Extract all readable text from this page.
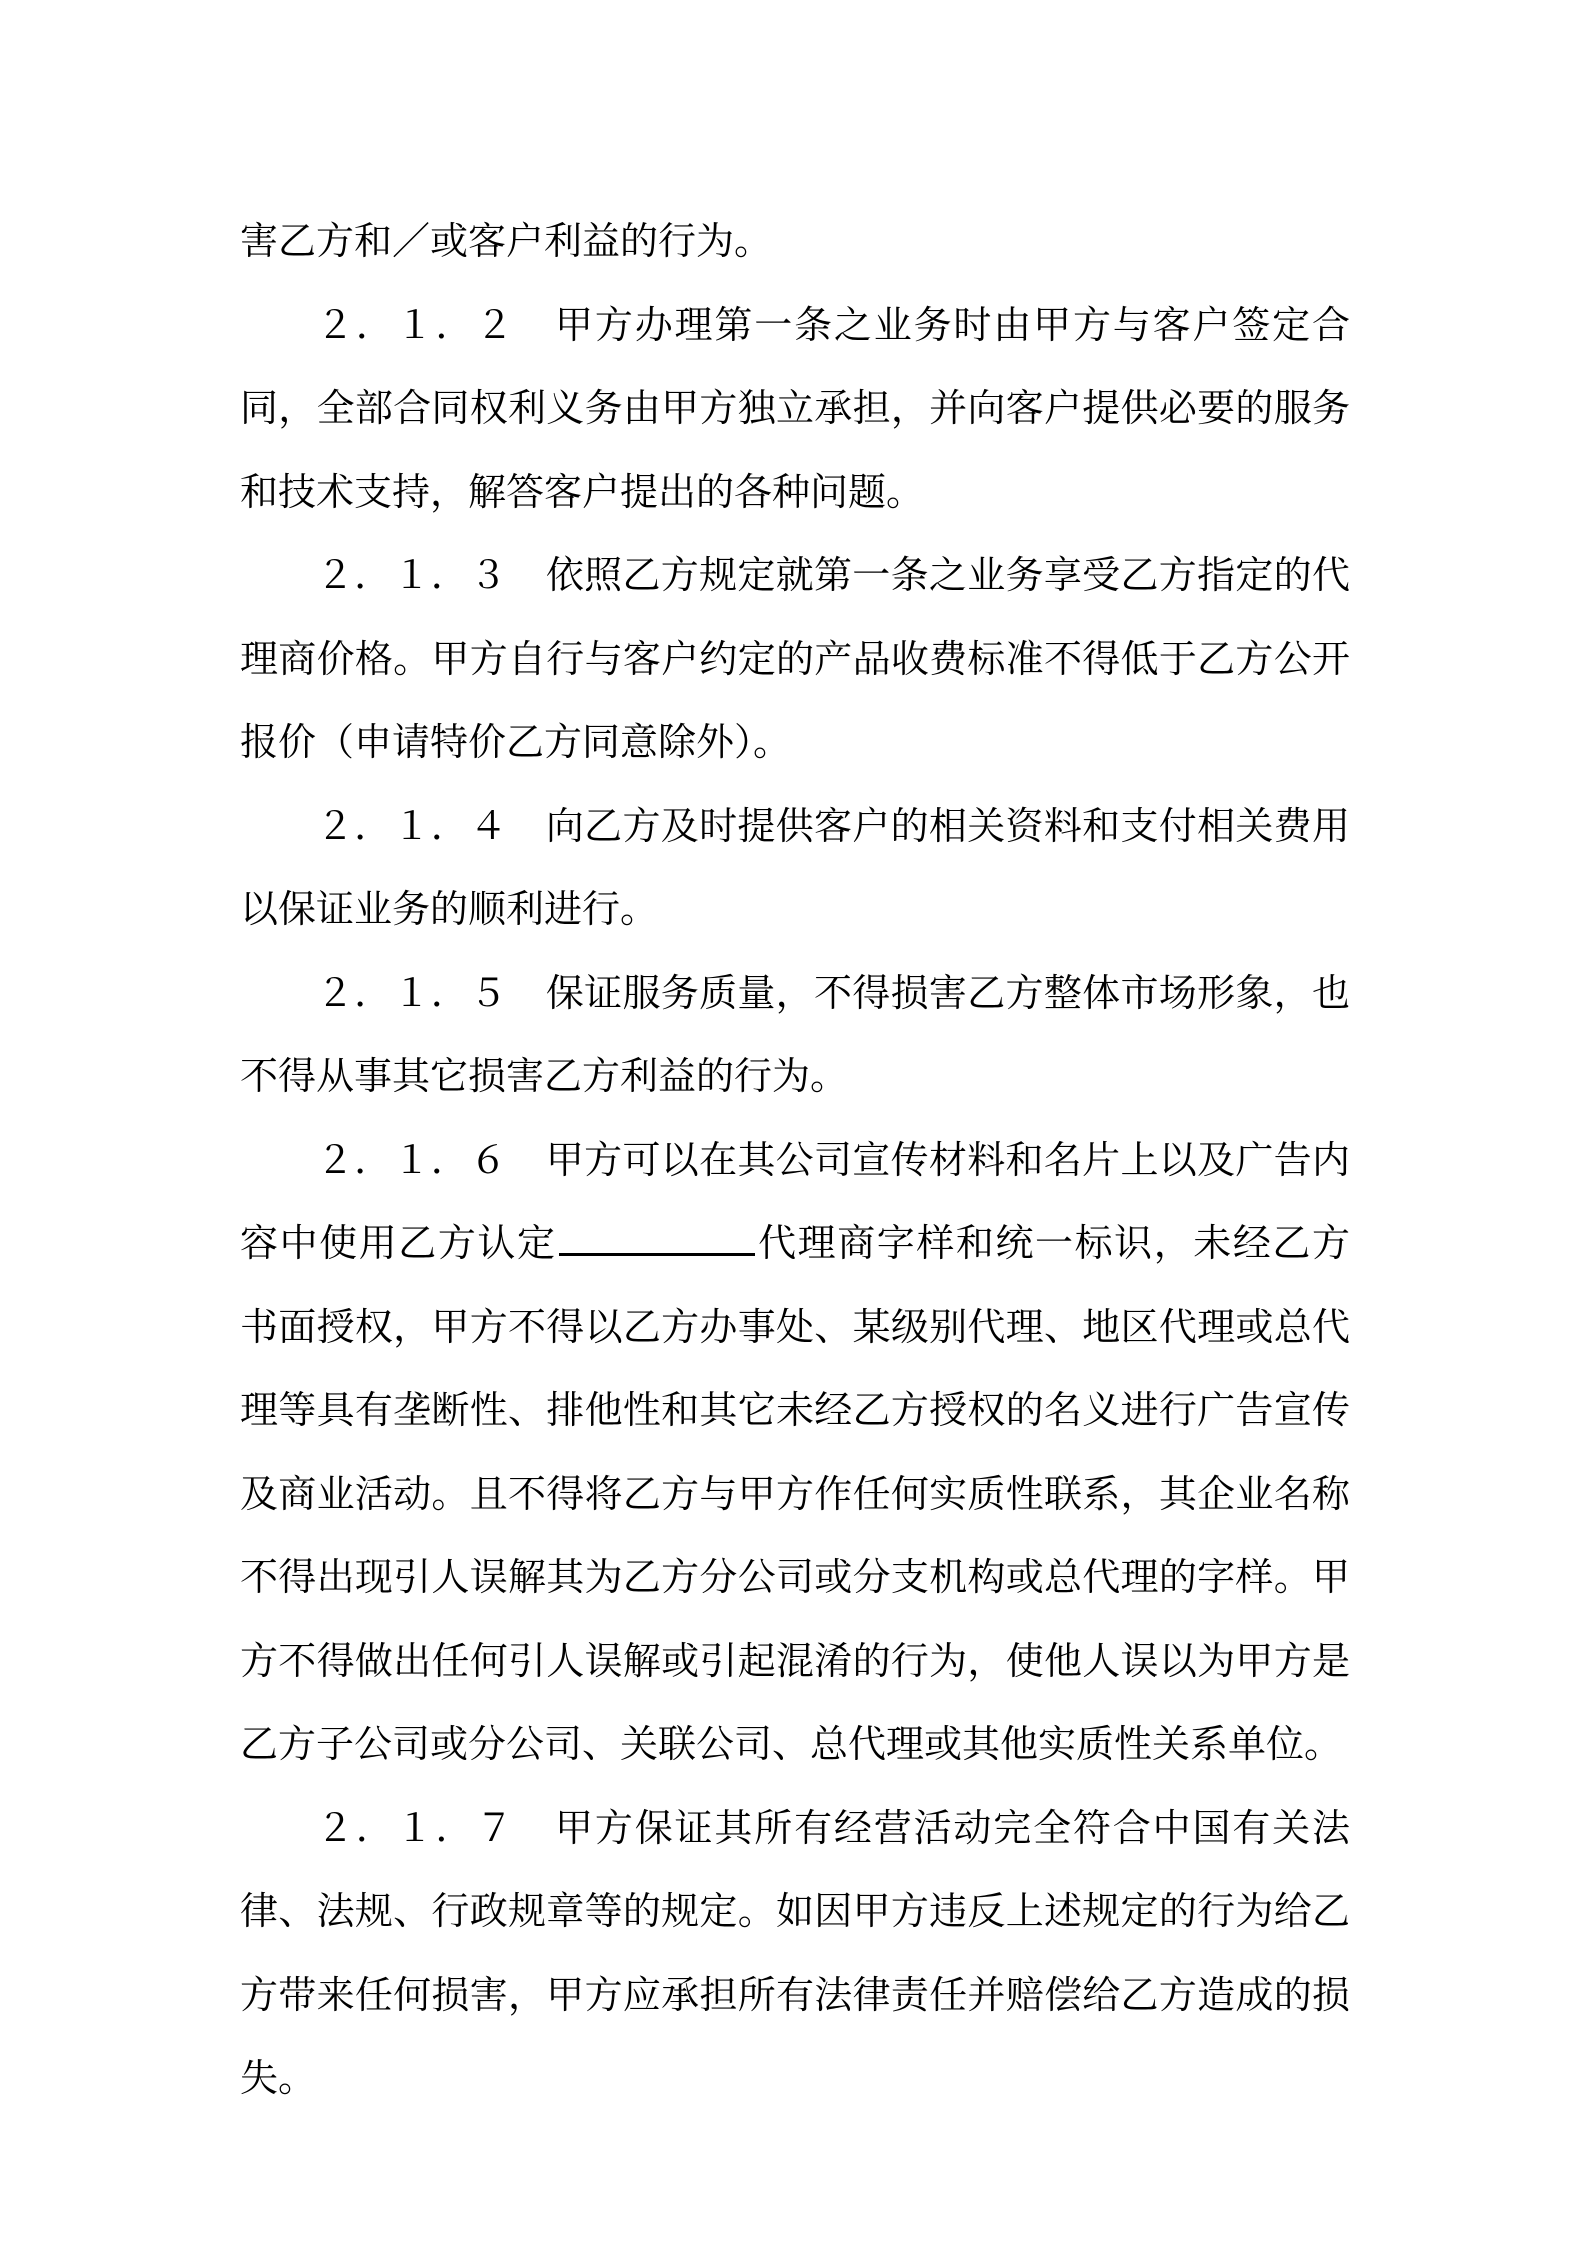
害乙方和／或客户利益的行为。

２．１．２　甲方办理第一条之业务时由甲方与客户签定合同，全部合同权利义务由甲方独立承担，并向客户提供必要的服务和技术支持，解答客户提出的各种问题。

２．１．３　依照乙方规定就第一条之业务享受乙方指定的代理商价格。甲方自行与客户约定的产品收费标准不得低于乙方公开报价（申请特价乙方同意除外）。

２．１．４　向乙方及时提供客户的相关资料和支付相关费用以保证业务的顺利进行。

２．１．５　保证服务质量，不得损害乙方整体市场形象，也不得从事其它损害乙方利益的行为。

２．１．６　甲方可以在其公司宣传材料和名片上以及广告内容中使用乙方认定	代理商字样和统一标识，未经乙方书面授权，甲方不得以乙方办事处、某级别代理、地区代理或总代理等具有垄断性、排他性和其它未经乙方授权的名义进行广告宣传及商业活动。且不得将乙方与甲方作任何实质性联系，其企业名称不得出现引人误解其为乙方分公司或分支机构或总代理的字样。甲方不得做出任何引人误解或引起混淆的行为，使他人误以为甲方是乙方子公司或分公司、关联公司、总代理或其他实质性关系单位。

２．１．７　甲方保证其所有经营活动完全符合中国有关法律、法规、行政规章等的规定。如因甲方违反上述规定的行为给乙方带来任何损害，甲方应承担所有法律责任并赔偿给乙方造成的损失。
